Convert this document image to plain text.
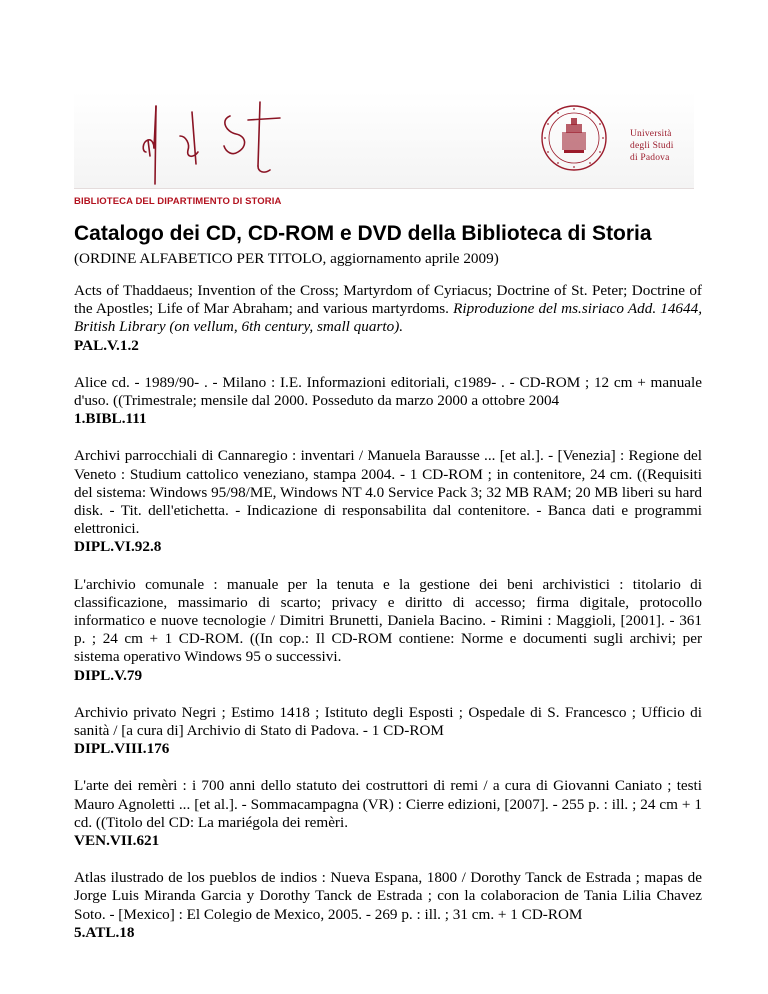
Università
degli Studi
di Padova
BIBLIOTECA DEL DIPARTIMENTO DI STORIA
Catalogo dei CD, CD-ROM e DVD della Biblioteca di Storia

(ORDINE ALFABETICO PER TITOLO, aggiornamento aprile 2009)

Acts of Thaddaeus; Invention of the Cross; Martyrdom of Cyriacus; Doctrine of St. Peter; Doctrine of the Apostles; Life of Mar Abraham; and various martyrdoms. Riproduzione del ms.siriaco Add. 14644, British Library (on vellum, 6th century, small quarto).
PAL.V.1.2

Alice cd. - 1989/90- . - Milano : I.E. Informazioni editoriali, c1989- . - CD-ROM ; 12 cm + manuale d'uso. ((Trimestrale; mensile dal 2000. Posseduto da marzo 2000 a ottobre 2004
1.BIBL.111

Archivi parrocchiali di Cannaregio : inventari / Manuela Barausse ... [et al.]. - [Venezia] : Regione del Veneto : Studium cattolico veneziano, stampa 2004. - 1 CD-ROM ; in contenitore, 24 cm. ((Requisiti del sistema: Windows 95/98/ME, Windows NT 4.0 Service Pack 3; 32 MB RAM; 20 MB liberi su hard disk. - Tit. dell'etichetta. - Indicazione di responsabilita dal contenitore. - Banca dati e programmi elettronici.
DIPL.VI.92.8

L'archivio comunale : manuale per la tenuta e la gestione dei beni archivistici : titolario di classificazione, massimario di scarto; privacy e diritto di accesso; firma digitale, protocollo informatico e nuove tecnologie / Dimitri Brunetti, Daniela Bacino. - Rimini : Maggioli, [2001]. - 361 p. ; 24 cm + 1 CD-ROM. ((In cop.: Il CD-ROM contiene: Norme e documenti sugli archivi; per sistema operativo Windows 95 o successivi.
DIPL.V.79

Archivio privato Negri ; Estimo 1418 ; Istituto degli Esposti ; Ospedale di S. Francesco ; Ufficio di sanità / [a cura di] Archivio di Stato di Padova. - 1 CD-ROM
DIPL.VIII.176

L'arte dei remèri : i 700 anni dello statuto dei costruttori di remi / a cura di Giovanni Caniato ; testi Mauro Agnoletti ... [et al.]. - Sommacampagna (VR) : Cierre edizioni, [2007]. - 255 p. : ill. ; 24 cm + 1 cd. ((Titolo del CD: La mariégola dei remèri.
VEN.VII.621

Atlas ilustrado de los pueblos de indios : Nueva Espana, 1800 / Dorothy Tanck de Estrada ; mapas de Jorge Luis Miranda Garcia y Dorothy Tanck de Estrada ; con la colaboracion de Tania Lilia Chavez Soto. - [Mexico] : El Colegio de Mexico, 2005. - 269 p. : ill. ; 31 cm. + 1 CD-ROM
5.ATL.18
